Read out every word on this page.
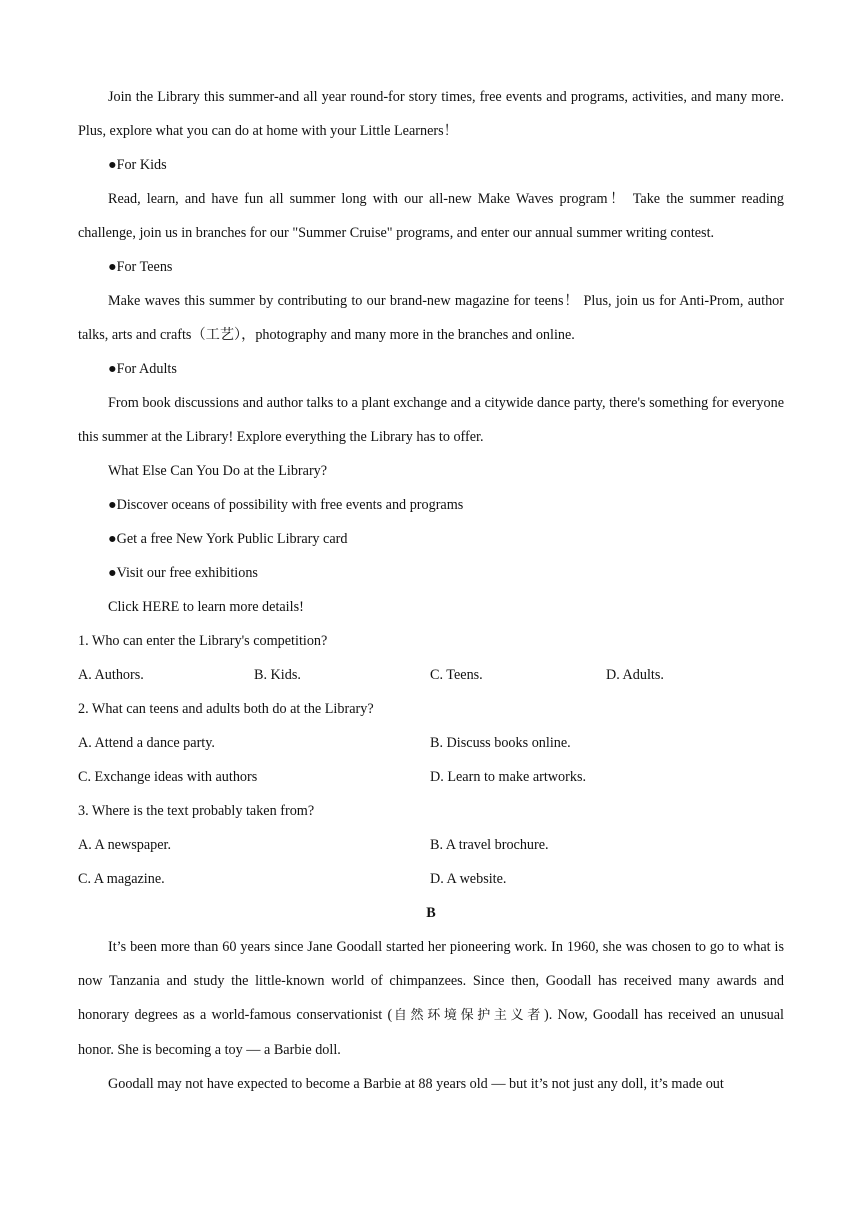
Join the Library this summer-and all year round-for story times, free events and programs, activities, and many more. Plus, explore what you can do at home with your Little Learners！

●For Kids

Read, learn, and have fun all summer long with our all-new Make Waves program！ Take the summer reading challenge, join us in branches for our "Summer Cruise" programs, and enter our annual summer writing contest.

●For Teens

Make waves this summer by contributing to our brand-new magazine for teens！ Plus, join us for Anti-Prom, author talks, arts and crafts（工艺），photography and many more in the branches and online.

●For Adults

From book discussions and author talks to a plant exchange and a citywide dance party, there's something for everyone this summer at the Library! Explore everything the Library has to offer.

What Else Can You Do at the Library?

●Discover oceans of possibility with free events and programs

●Get a free New York Public Library card

●Visit our free exhibitions

Click HERE to learn more details!

1. Who can enter the Library's competition?

A. Authors.	B. Kids.	C. Teens.	D. Adults.

2. What can teens and adults both do at the Library?

A. Attend a dance party.	B. Discuss books online.
C. Exchange ideas with authors	D. Learn to make artworks.

3. Where is the text probably taken from?

A. A newspaper.	B. A travel brochure.
C. A magazine.	D. A website.

B

It’s been more than 60 years since Jane Goodall started her pioneering work. In 1960, she was chosen to go to what is now Tanzania and study the little-known world of chimpanzees. Since then, Goodall has received many awards and honorary degrees as a world-famous conservationist (自然环境保护主义者). Now, Goodall has received an unusual honor. She is becoming a toy — a Barbie doll.

Goodall may not have expected to become a Barbie at 88 years old — but it’s not just any doll, it’s made out
